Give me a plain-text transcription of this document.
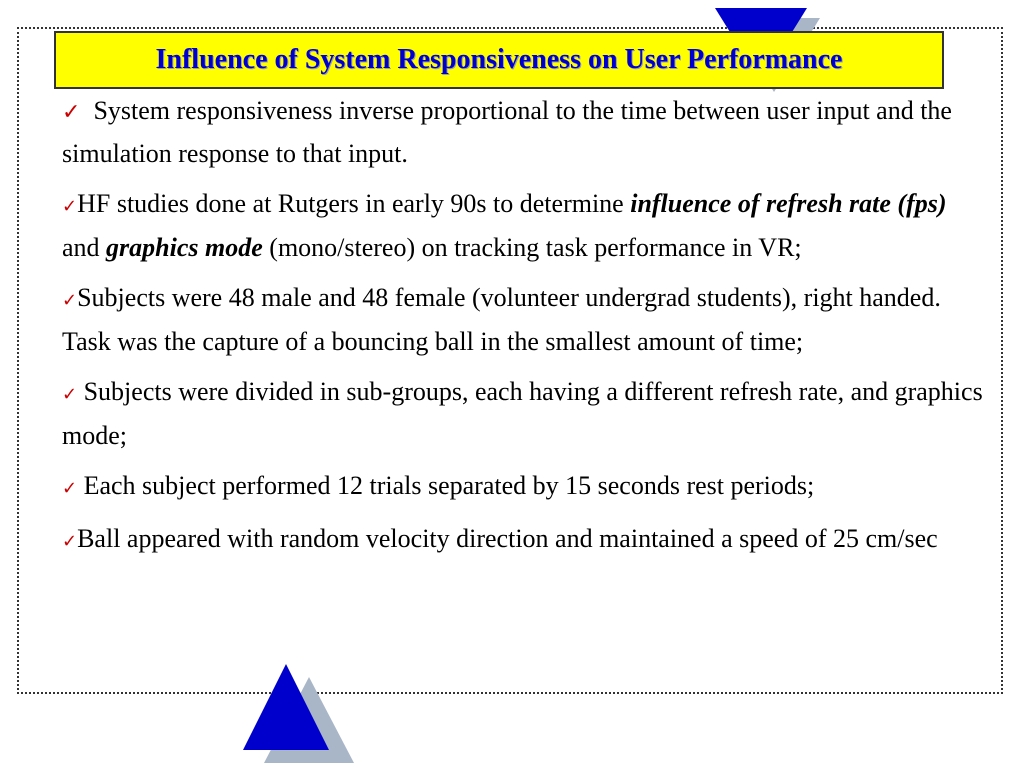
Influence of System Responsiveness on User Performance

✓ System responsiveness inverse proportional to the time between user input and the simulation response to that input.

✓HF studies done at Rutgers in early 90s to determine influence of refresh rate (fps) and graphics mode (mono/stereo) on tracking task performance in VR;

✓Subjects were 48 male and 48 female (volunteer undergrad students), right handed. Task was the capture of a bouncing ball in the smallest amount of time;

✓ Subjects were divided in sub-groups, each having a different refresh rate, and graphics mode;

✓ Each subject performed 12 trials separated by 15 seconds rest periods;

✓Ball appeared with random velocity direction and maintained a speed of 25 cm/sec
